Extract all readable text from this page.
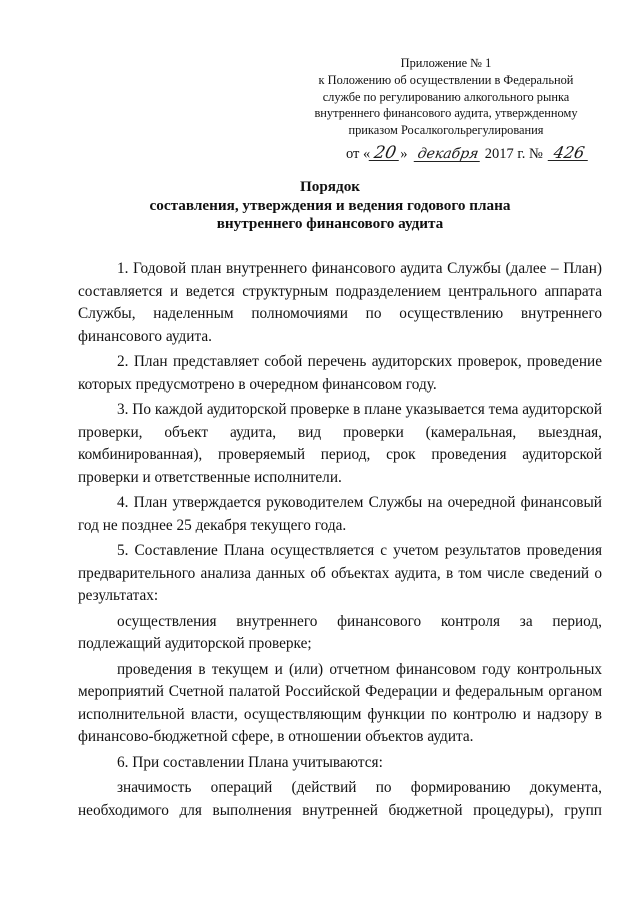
Приложение № 1
к Положению об осуществлении в Федеральной
службе по регулированию алкогольного рынка
внутреннего финансового аудита, утвержденному
приказом Росалкогольрегулирования
от « 20 » декабря 2017 г. № 426
Порядок
составления, утверждения и ведения годового плана
внутреннего финансового аудита

1. Годовой план внутреннего финансового аудита Службы (далее – План) составляется и ведется структурным подразделением центрального аппарата Службы, наделенным полномочиями по осуществлению внутреннего финансового аудита.

2. План представляет собой перечень аудиторских проверок, проведение которых предусмотрено в очередном финансовом году.

3. По каждой аудиторской проверке в плане указывается тема аудиторской проверки, объект аудита, вид проверки (камеральная, выездная, комбинированная), проверяемый период, срок проведения аудиторской проверки и ответственные исполнители.

4. План утверждается руководителем Службы на очередной финансовый год не позднее 25 декабря текущего года.

5. Составление Плана осуществляется с учетом результатов проведения предварительного анализа данных об объектах аудита, в том числе сведений о результатах:

осуществления внутреннего финансового контроля за период, подлежащий аудиторской проверке;

проведения в текущем и (или) отчетном финансовом году контрольных мероприятий Счетной палатой Российской Федерации и федеральным органом исполнительной власти, осуществляющим функции по контролю и надзору в финансово-бюджетной сфере, в отношении объектов аудита.

6. При составлении Плана учитываются:

значимость операций (действий по формированию документа, необходимого для выполнения внутренней бюджетной процедуры), групп
